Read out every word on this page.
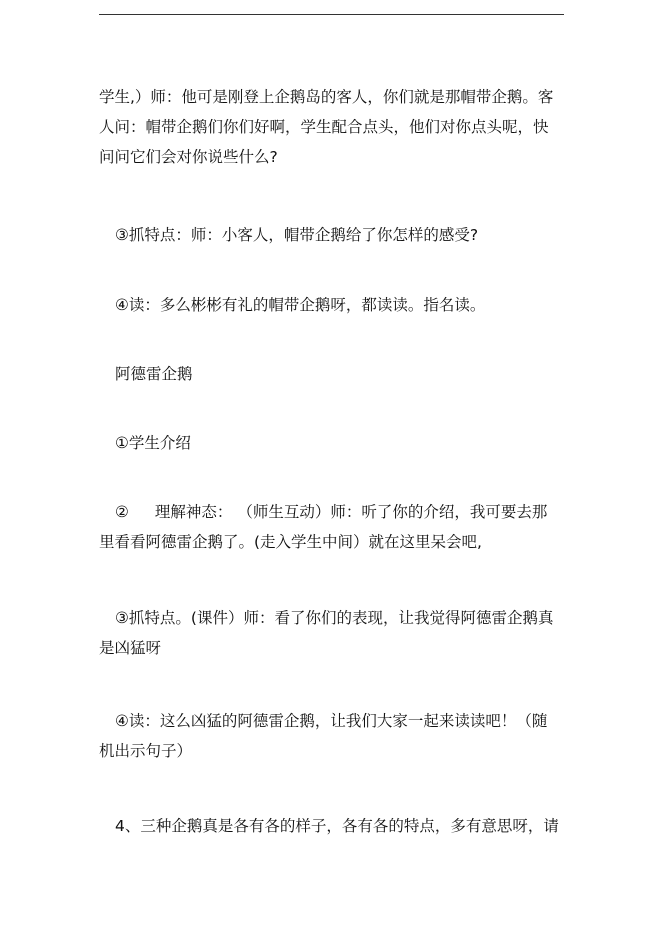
学生,）师：他可是刚登上企鹅岛的客人，你们就是那帽带企鹅。客
人问：帽带企鹅们你们好啊，学生配合点头，他们对你点头呢，快
问问它们会对你说些什么?
③抓特点：师：小客人，帽带企鹅给了你怎样的感受?
④读：多么彬彬有礼的帽带企鹅呀，都读读。指名读。
阿德雷企鹅
①学生介绍
② 理解神态： （师生互动）师：听了你的介绍，我可要去那
里看看阿德雷企鹅了。(走入学生中间）就在这里呆会吧,
③抓特点。(课件）师：看了你们的表现，让我觉得阿德雷企鹅真
是凶猛呀
④读：这么凶猛的阿德雷企鹅，让我们大家一起来读读吧！（随
机出示句子）
4、三种企鹅真是各有各的样子，各有各的特点，多有意思呀，请
